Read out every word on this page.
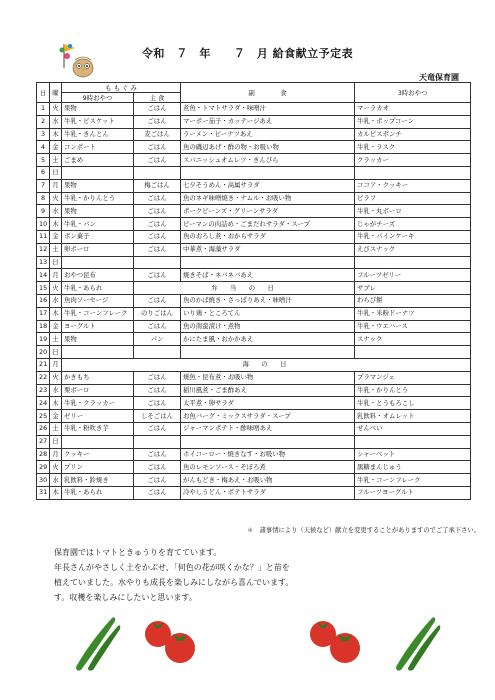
令和　７　年　　７　月 給食献立予定表
天竜保育園
日	曜	も も ぐ み		副　　　　食	3時おやつ
		9時おやつ	主 食		
1	火	果物	ごはん	煮魚・トマトサラダ・味噌汁	マーラカオ
2	水	牛乳・ビスケット	ごはん	マーボー茄子・カッテージあえ	牛乳・ポップコーン
3	木	牛乳・きんとん	麦ごはん	ラーメン・ピーナツあえ	カルピスポンチ
4	金	コンポート	ごはん	魚の磯辺あげ・酢の物・お吸い物	牛乳・ラスク
5	土	ごまめ	ごはん	スパニッシュオムレツ・きんぴら	クラッカー
6	日				
7	月	果物	梅ごはん	七夕そうめん・高属サラダ	ココア・クッキー
8	火	牛乳・かりんとう	ごはん	魚のネギ味噌焼き・ナムル・お吸い物	ピラフ
9	水	果物	ごはん	ポークビーンズ・グリーンサラダ	牛乳・丸ボーロ
10	木	牛乳・パン	ごはん	ピーマンの肉詰め・ごまだれサラダ・スープ	じゃがチーズ
11	金	ボン菓子	ごはん	魚のおろし煮・おからサラダ	牛乳・パインケーキ
12	土	卵ボーロ	ごはん	中華煮・海藻サラダ	えびスナック
13	日				
14	月	おやつ昆布	ごはん	焼きそば・ネバネバあえ	フルーツゼリー
15	火	牛乳・あられ	弁　当　の　日		サブレ
16	水	魚肉ソーセージ	ごはん	魚のかば焼き・さっぱりあえ・味噌汁	わらび餅
17	木	牛乳・コーンフレーク	のりごはん	いり鶏・ところてん	牛乳・米粉ドーナツ
18	金	ヨーグルト	ごはん	魚の南蛮漬け・煮物	牛乳・ウエハース
19	土	果物	パン	かにたま風・おかかあえ	スナック
20	日				
21	月	海　の　日			
22	火	かきもち	ごはん	焼魚・昆布煮・お吸い物	プラマンジェ
23	水	栗ボーロ	ごはん	稲川風煮・ごま酢あえ	牛乳・かりんとう
24	木	牛乳・クラッカー	ごはん	太平煮・卵サラダ	牛乳・とうもろこし
25	金	ゼリー	しそごはん	お魚バーグ・ミックスサラダ・スープ	乳飲料・オムレット
26	土	牛乳・粉吹き芋	ごはん	ジャーマンポテト・酢味噌あえ	せんべい
27	日				
28	月	クッキー	ごはん	ホイコーロー・焼きなす・お吸い物	シャーベット
29	火	プリン	ごはん	魚のレモンソース・そぼろ煮	黒糖まんじゅう
30	水	乳飲料・鈴焼き	ごはん	がんもどき・梅あえ・お吸い物	牛乳・コーンフレーク
31	木	牛乳・あられ	ごはん	冷やしうどん・ポテトサラダ	フルーツヨーグルト
＊　諸事情により（天候など）献立を変更することがありますのでご了承下さい。
保育園ではトマトときゅうりを育てています。
年長さんがやさしく土をかぶせ、「何色の花が咲くかな？」と苗を
植えていました。水やりも成長を楽しみにしながら喜んでいます。
す。収穫を楽しみにしたいと思います。
